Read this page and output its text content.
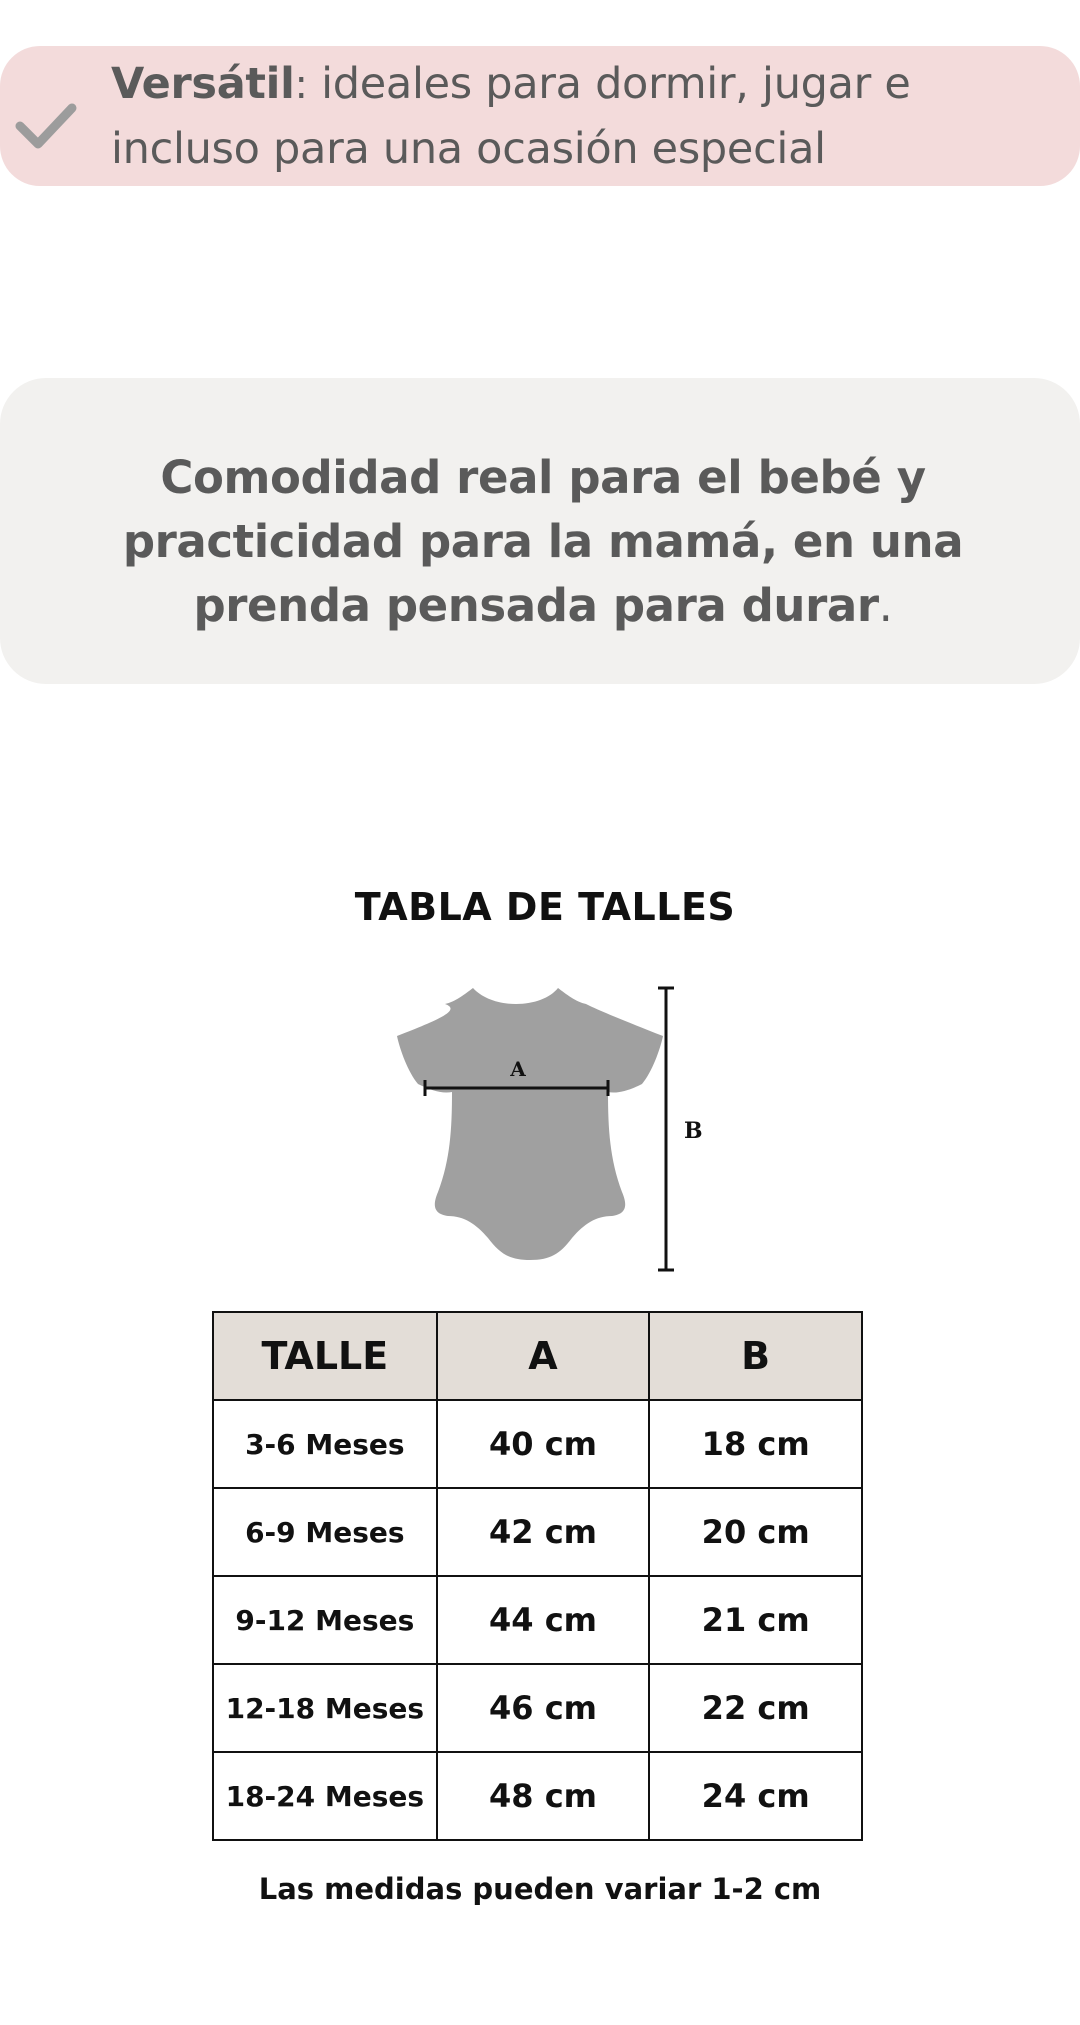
Versátil: ideales para dormir, jugar e incluso para una ocasión especial
Comodidad real para el bebé y practicidad para la mamá, en una prenda pensada para durar.
TABLA DE TALLES
A
B
TALLE	A	B
3-6 Meses	40 cm	18 cm
6-9 Meses	42 cm	20 cm
9-12 Meses	44 cm	21 cm
12-18 Meses	46 cm	22 cm
18-24 Meses	48 cm	24 cm
Las medidas pueden variar 1-2 cm
